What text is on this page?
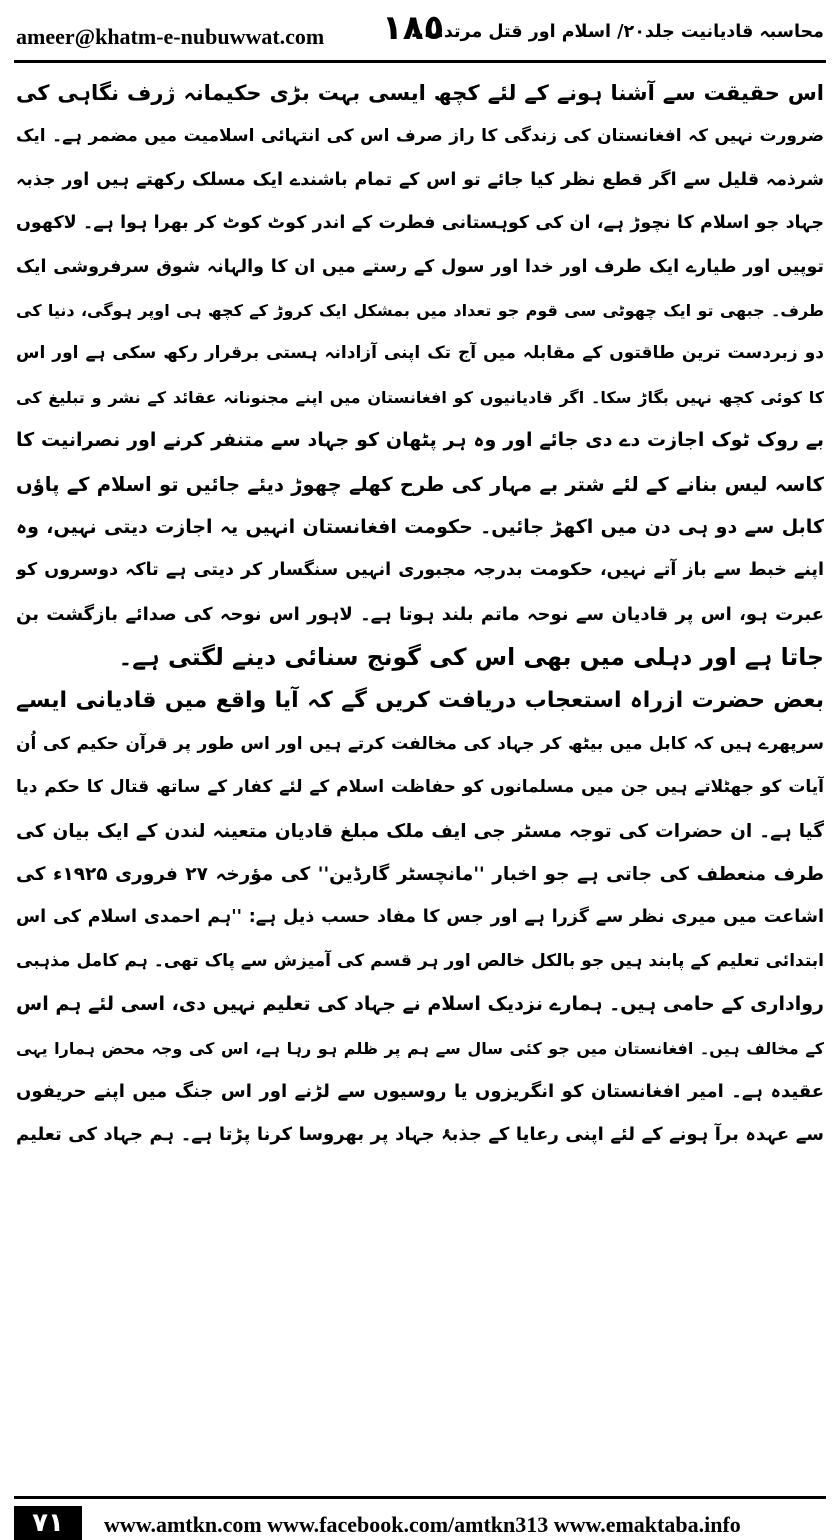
ameer@khatm-e-nubuwwat.com ١٨٥
محاسبہ قادیانیت جلد۲۰/ اسلام اور قتل مرتد.....
اس حقیقت سے آشنا ہونے کے لئے کچھ ایسی بہت بڑی حکیمانہ ژرف نگاہی کی
ضرورت نہیں کہ افغانستان کی زندگی کا راز صرف اس کی انتہائی اسلامیت میں مضمر ہے۔ ایک
شرذمہ قلیل سے اگر قطع نظر کیا جائے تو اس کے تمام باشندے ایک مسلک رکھتے ہیں اور جذبہ
جہاد جو اسلام کا نچوڑ ہے، ان کی کوہستانی فطرت کے اندر کوٹ کوٹ کر بھرا ہوا ہے۔ لاکھوں
توپیں اور طیارے ایک طرف اور خدا اور سول کے رستے میں ان کا والہانہ شوق سرفروشی ایک
طرف۔ جبھی تو ایک چھوٹی سی قوم جو تعداد میں بمشکل ایک کروڑ کے کچھ ہی اوپر ہوگی، دنیا کی
دو زبردست ترین طاقتوں کے مقابلہ میں آج تک اپنی آزادانہ ہستی برقرار رکھ سکی ہے اور اس
کا کوئی کچھ نہیں بگاڑ سکا۔ اگر قادیانیوں کو افغانستان میں اپنے مجنونانہ عقائد کے نشر و تبلیغ کی
بے روک ٹوک اجازت دے دی جائے اور وہ ہر پٹھان کو جہاد سے متنفر کرنے اور نصرانیت کا
کاسہ لیس بنانے کے لئے شتر بے مہار کی طرح کھلے چھوڑ دیئے جائیں تو اسلام کے پاؤں
کابل سے دو ہی دن میں اکھڑ جائیں۔ حکومت افغانستان انہیں یہ اجازت دیتی نہیں، وہ
اپنے خبط سے باز آتے نہیں، حکومت بدرجہ مجبوری انہیں سنگسار کر دیتی ہے تاکہ دوسروں کو
عبرت ہو، اس پر قادیان سے نوحہ ماتم بلند ہوتا ہے۔ لاہور اس نوحہ کی صدائے بازگشت بن
جاتا ہے اور دہلی میں بھی اس کی گونج سنائی دینے لگتی ہے۔
بعض حضرت ازراہ استعجاب دریافت کریں گے کہ آیا واقع میں قادیانی ایسے
سرپھرے ہیں کہ کابل میں بیٹھ کر جہاد کی مخالفت کرتے ہیں اور اس طور پر قرآن حکیم کی اُن
آیات کو جھٹلاتے ہیں جن میں مسلمانوں کو حفاظت اسلام کے لئے کفار کے ساتھ قتال کا حکم دیا
گیا ہے۔ ان حضرات کی توجہ مسٹر جی ایف ملک مبلغ قادیان متعینہ لندن کے ایک بیان کی
طرف منعطف کی جاتی ہے جو اخبار ''مانچسٹر گارڈین'' کی مؤرخہ ۲۷ فروری ۱۹۲۵ء کی
اشاعت میں میری نظر سے گزرا ہے اور جس کا مفاد حسب ذیل ہے: ''ہم احمدی اسلام کی اس
ابتدائی تعلیم کے پابند ہیں جو بالکل خالص اور ہر قسم کی آمیزش سے پاک تھی۔ ہم کامل مذہبی
رواداری کے حامی ہیں۔ ہمارے نزدیک اسلام نے جہاد کی تعلیم نہیں دی، اسی لئے ہم اس
کے مخالف ہیں۔ افغانستان میں جو کئی سال سے ہم پر ظلم ہو رہا ہے، اس کی وجہ محض ہمارا یہی
عقیدہ ہے۔ امیر افغانستان کو انگریزوں یا روسیوں سے لڑنے اور اس جنگ میں اپنے حریفوں
سے عہدہ برآ ہونے کے لئے اپنی رعایا کے جذبۂ جہاد پر بھروسا کرنا پڑتا ہے۔ ہم جہاد کی تعلیم
۷۱	www.amtkn.com www.facebook.com/amtkn313 www.emaktaba.info
